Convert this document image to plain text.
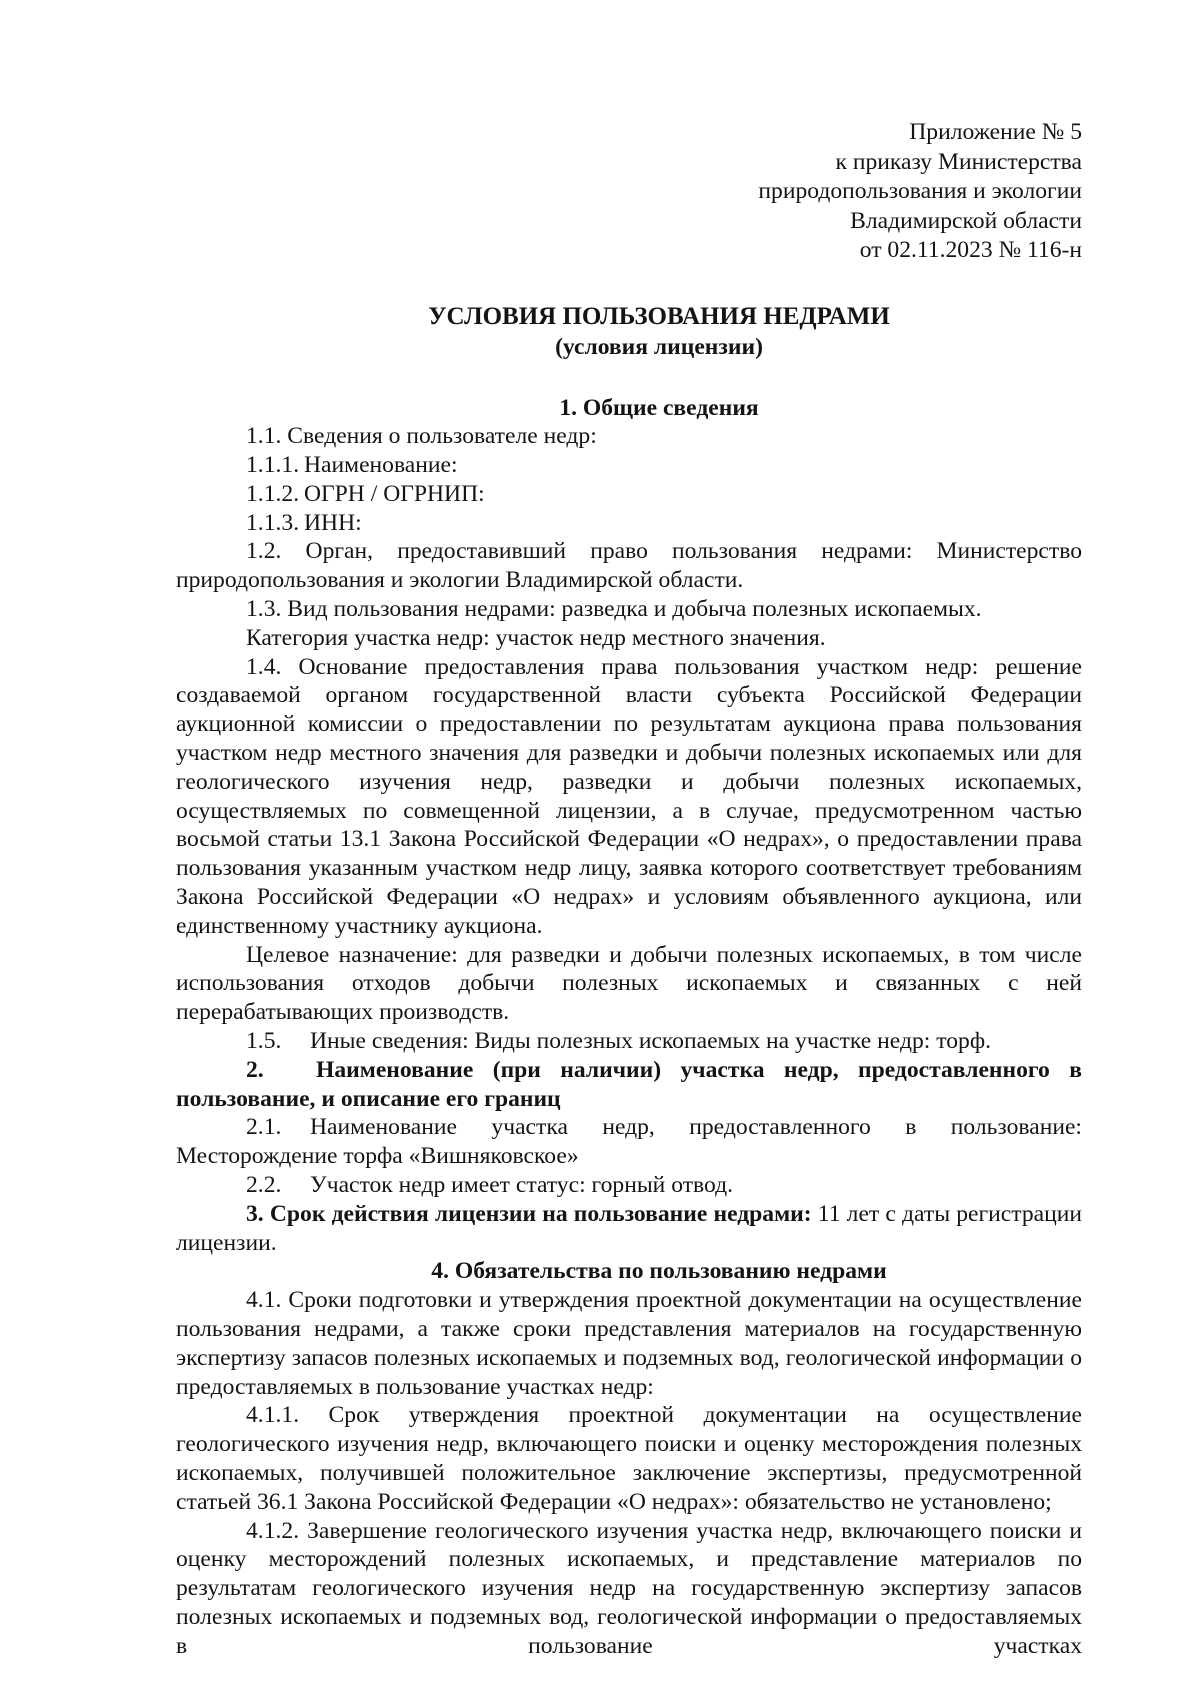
Приложение № 5
к приказу Министерства
природопользования и экологии
Владимирской области
от 02.11.2023 № 116-н
УСЛОВИЯ ПОЛЬЗОВАНИЯ НЕДРАМИ
(условия лицензии)
1. Общие сведения

1.1. Сведения о пользователе недр:

1.1.1. Наименование:

1.1.2. ОГРН / ОГРНИП:

1.1.3. ИНН:

1.2. Орган, предоставивший право пользования недрами: Министерство природопользования и экологии Владимирской области.

1.3. Вид пользования недрами: разведка и добыча полезных ископаемых.

Категория участка недр: участок недр местного значения.

1.4. Основание предоставления права пользования участком недр: решение создаваемой органом государственной власти субъекта Российской Федерации аукционной комиссии о предоставлении по результатам аукциона права пользования участком недр местного значения для разведки и добычи полезных ископаемых или для геологического изучения недр, разведки и добычи полезных ископаемых, осуществляемых по совмещенной лицензии, а в случае, предусмотренном частью восьмой статьи 13.1 Закона Российской Федерации «О недрах», о предоставлении права пользования указанным участком недр лицу, заявка которого соответствует требованиям Закона Российской Федерации «О недрах» и условиям объявленного аукциона, или единственному участнику аукциона.

Целевое назначение: для разведки и добычи полезных ископаемых, в том числе использования отходов добычи полезных ископаемых и связанных с ней перерабатывающих производств.

1.5. Иные сведения: Виды полезных ископаемых на участке недр: торф.

2. Наименование (при наличии) участка недр, предоставленного в пользование, и описание его границ

2.1. Наименование участка недр, предоставленного в пользование: Месторождение торфа «Вишняковское»

2.2. Участок недр имеет статус: горный отвод.

3. Срок действия лицензии на пользование недрами: 11 лет с даты регистрации лицензии.

4. Обязательства по пользованию недрами

4.1. Сроки подготовки и утверждения проектной документации на осуществление пользования недрами, а также сроки представления материалов на государственную экспертизу запасов полезных ископаемых и подземных вод, геологической информации о предоставляемых в пользование участках недр:

4.1.1. Срок утверждения проектной документации на осуществление геологического изучения недр, включающего поиски и оценку месторождения полезных ископаемых, получившей положительное заключение экспертизы, предусмотренной статьей 36.1 Закона Российской Федерации «О недрах»: обязательство не установлено;

4.1.2. Завершение геологического изучения участка недр, включающего поиски и оценку месторождений полезных ископаемых, и представление материалов по результатам геологического изучения недр на государственную экспертизу запасов полезных ископаемых и подземных вод, геологической информации о предоставляемых в пользование участках
